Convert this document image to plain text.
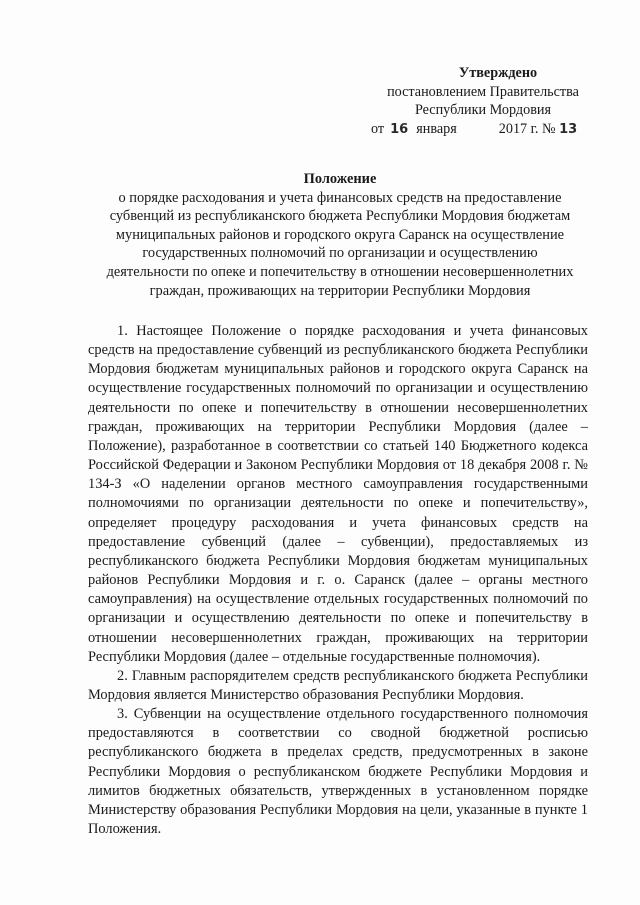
Утверждено
постановлением Правительства
Республики Мордовия
от 16 января	2017 г. № 13
Положение
о порядке расходования и учета финансовых средств на предоставление
субвенций из республиканского бюджета Республики Мордовия бюджетам
муниципальных районов и городского округа Саранск на осуществление
государственных полномочий по организации и осуществлению
деятельности по опеке и попечительству в отношении несовершеннолетних
граждан, проживающих на территории Республики Мордовия

1. Настоящее Положение о порядке расходования и учета финансовых средств на предоставление субвенций из республиканского бюджета Республики Мордовия бюджетам муниципальных районов и городского округа Саранск на осуществление государственных полномочий по организации и осуществлению деятельности по опеке и попечительству в отношении несовершеннолетних граждан, проживающих на территории Республики Мордовия (далее – Положение), разработанное в соответствии со статьей 140 Бюджетного кодекса Российской Федерации и Законом Республики Мордовия от 18 декабря 2008 г. № 134-З «О наделении органов местного самоуправления государственными полномочиями по организации деятельности по опеке и попечительству», определяет процедуру расходования и учета финансовых средств на предоставление субвенций (далее – субвенции), предоставляемых из республиканского бюджета Республики Мордовия бюджетам муниципальных районов Республики Мордовия и г. о. Саранск (далее – органы местного самоуправления) на осуществление отдельных государственных полномочий по организации и осуществлению деятельности по опеке и попечительству в отношении несовершеннолетних граждан, проживающих на территории Республики Мордовия (далее – отдельные государственные полномочия).

2. Главным распорядителем средств республиканского бюджета Республики Мордовия является Министерство образования Республики Мордовия.

3. Субвенции на осуществление отдельного государственного полномочия предоставляются в соответствии со сводной бюджетной росписью республиканского бюджета в пределах средств, предусмотренных в законе Республики Мордовия о республиканском бюджете Республики Мордовия и лимитов бюджетных обязательств, утвержденных в установленном порядке Министерству образования Республики Мордовия на цели, указанные в пункте 1 Положения.
